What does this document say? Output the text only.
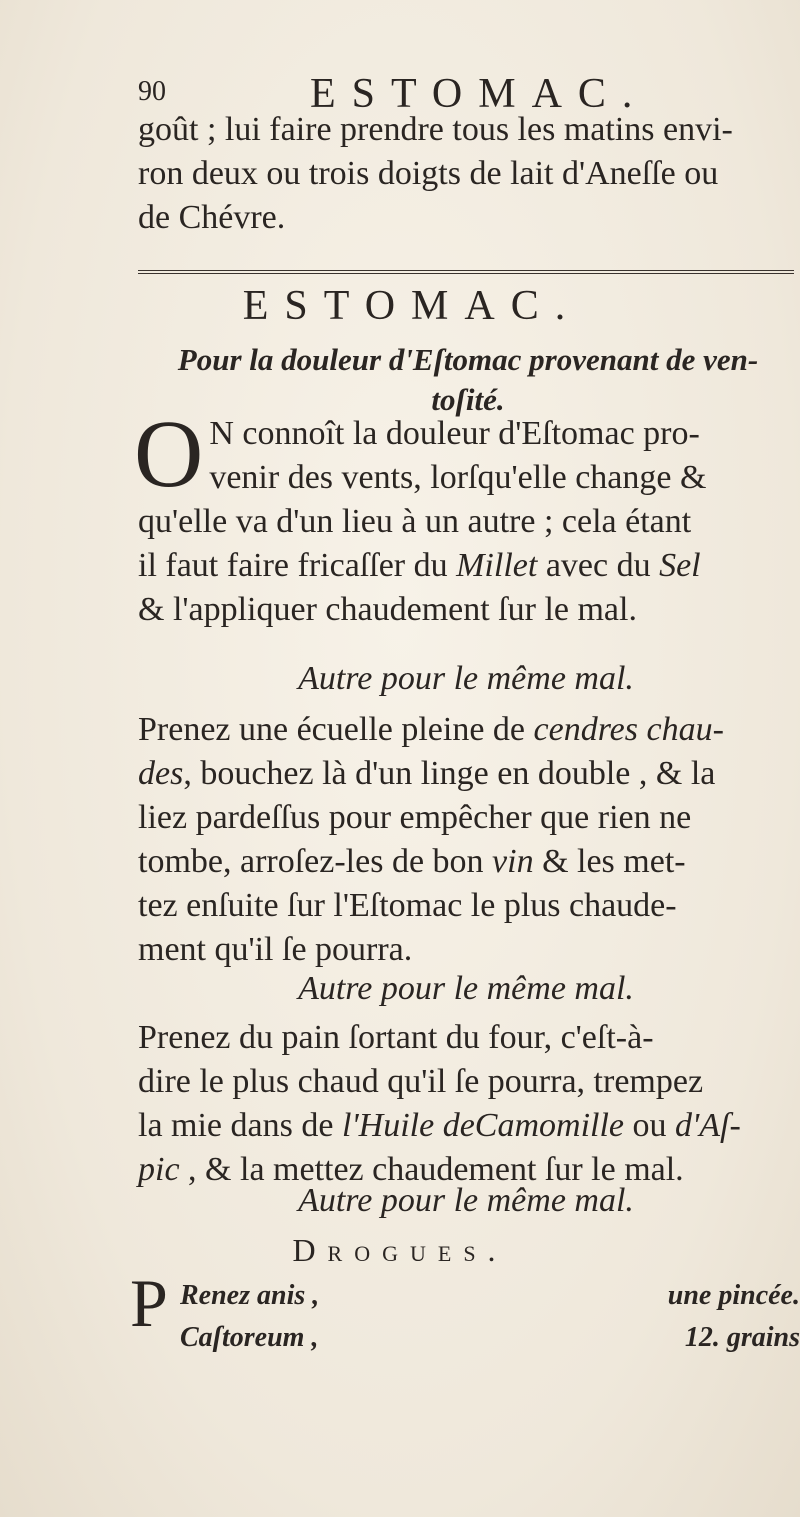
90	ESTOMAC.
goût ; lui faire prendre tous les matins envi-
ron deux ou trois doigts de lait d'Aneſſe ou
de Chévre.
ESTOMAC.
Pour la douleur d'Eſtomac provenant de ven-
toſité.
O N connoît la douleur d'Eſtomac pro-
venir des vents, lorſqu'elle change &
qu'elle va d'un lieu à un autre ; cela étant
il faut faire fricaſſer du Millet avec du Sel
& l'appliquer chaudement ſur le mal.
Autre pour le même mal.
Prenez une écuelle pleine de cendres chau-
des, bouchez là d'un linge en double , & la
liez pardeſſus pour empêcher que rien ne
tombe, arroſez-les de bon vin & les met-
tez enſuite ſur l'Eſtomac le plus chaude-
ment qu'il ſe pourra.
Autre pour le même mal.
Prenez du pain ſortant du four, c'eſt-à-
dire le plus chaud qu'il ſe pourra, trempez
la mie dans de l'Huile deCamomille ou d'Aſ-
pic , & la mettez chaudement ſur le mal.
Autre pour le même mal.
Drogues.
P Renez anis ,	une pincée.
Caſtoreum ,	12. grains
